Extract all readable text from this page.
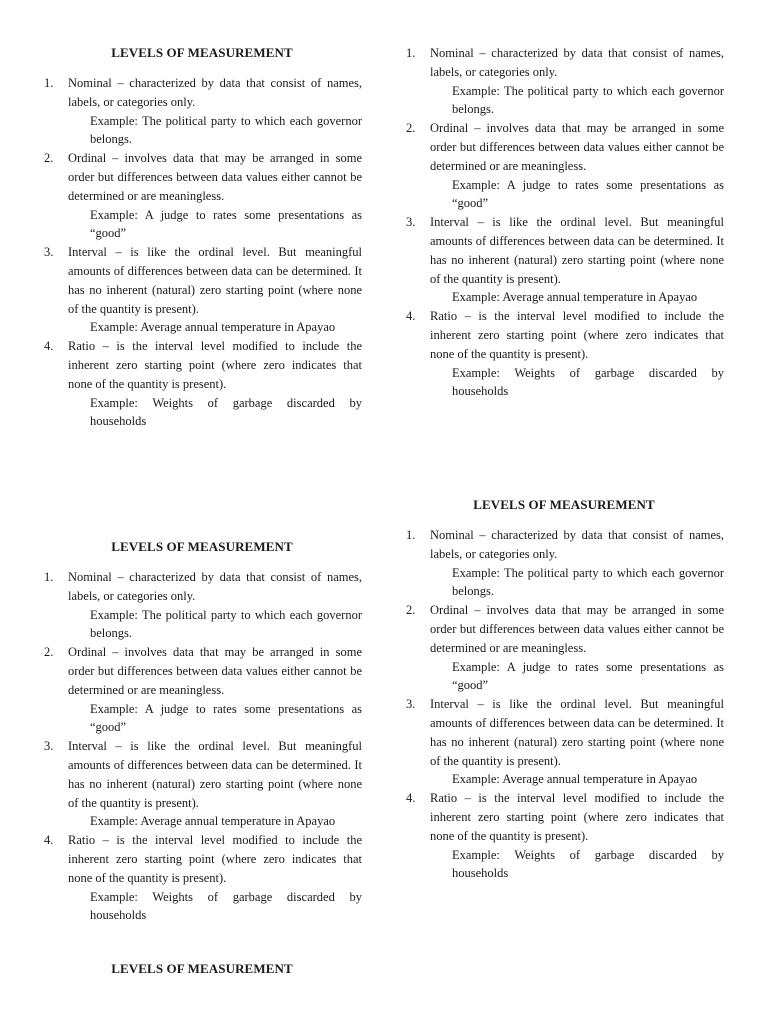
LEVELS OF MEASUREMENT
1. Nominal – characterized by data that consist of names, labels, or categories only.
Example: The political party to which each governor belongs.
2. Ordinal – involves data that may be arranged in some order but differences between data values either cannot be determined or are meaningless.
Example: A judge to rates some presentations as “good”
3. Interval – is like the ordinal level. But meaningful amounts of differences between data can be determined. It has no inherent (natural) zero starting point (where none of the quantity is present).
Example: Average annual temperature in Apayao
4. Ratio – is the interval level modified to include the inherent zero starting point (where zero indicates that none of the quantity is present).
Example: Weights of garbage discarded by households
1. Nominal – characterized by data that consist of names, labels, or categories only.
Example: The political party to which each governor belongs.
2. Ordinal – involves data that may be arranged in some order but differences between data values either cannot be determined or are meaningless.
Example: A judge to rates some presentations as “good”
3. Interval – is like the ordinal level. But meaningful amounts of differences between data can be determined. It has no inherent (natural) zero starting point (where none of the quantity is present).
Example: Average annual temperature in Apayao
4. Ratio – is the interval level modified to include the inherent zero starting point (where zero indicates that none of the quantity is present).
Example: Weights of garbage discarded by households
LEVELS OF MEASUREMENT
1. Nominal – characterized by data that consist of names, labels, or categories only.
Example: The political party to which each governor belongs.
2. Ordinal – involves data that may be arranged in some order but differences between data values either cannot be determined or are meaningless.
Example: A judge to rates some presentations as “good”
3. Interval – is like the ordinal level. But meaningful amounts of differences between data can be determined. It has no inherent (natural) zero starting point (where none of the quantity is present).
Example: Average annual temperature in Apayao
4. Ratio – is the interval level modified to include the inherent zero starting point (where zero indicates that none of the quantity is present).
Example: Weights of garbage discarded by households
LEVELS OF MEASUREMENT
1. Nominal – characterized by data that consist of names, labels, or categories only.
Example: The political party to which each governor belongs.
2. Ordinal – involves data that may be arranged in some order but differences between data values either cannot be determined or are meaningless.
Example: A judge to rates some presentations as “good”
3. Interval – is like the ordinal level. But meaningful amounts of differences between data can be determined. It has no inherent (natural) zero starting point (where none of the quantity is present).
Example: Average annual temperature in Apayao
4. Ratio – is the interval level modified to include the inherent zero starting point (where zero indicates that none of the quantity is present).
Example: Weights of garbage discarded by households
LEVELS OF MEASUREMENT
